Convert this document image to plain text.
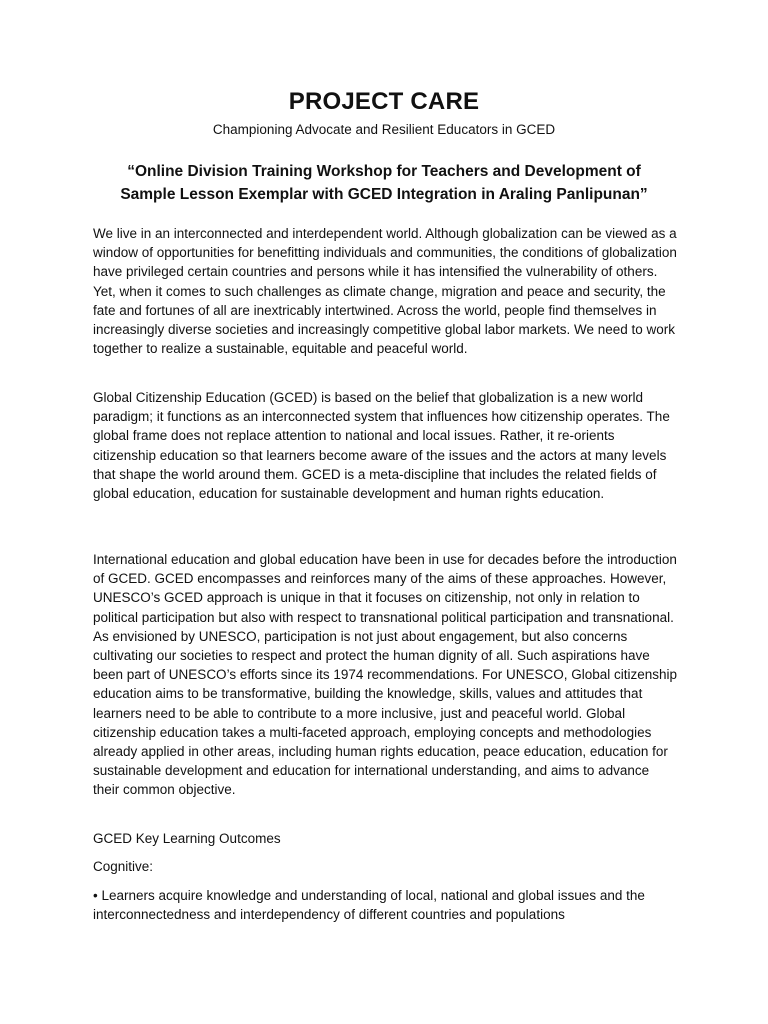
PROJECT CARE
Championing Advocate and Resilient Educators in GCED
“Online Division Training Workshop for Teachers and Development of
Sample Lesson Exemplar with GCED Integration in Araling Panlipunan”

We live in an interconnected and interdependent world. Although globalization can be viewed as a window of opportunities for benefitting individuals and communities, the conditions of globalization have privileged certain countries and persons while it has intensified the vulnerability of others. Yet, when it comes to such challenges as climate change, migration and peace and security, the fate and fortunes of all are inextricably intertwined. Across the world, people find themselves in increasingly diverse societies and increasingly competitive global labor markets. We need to work together to realize a sustainable, equitable and peaceful world.

Global Citizenship Education (GCED) is based on the belief that globalization is a new world paradigm; it functions as an interconnected system that influences how citizenship operates. The global frame does not replace attention to national and local issues. Rather, it re-orients citizenship education so that learners become aware of the issues and the actors at many levels that shape the world around them. GCED is a meta-discipline that includes the related fields of global education, education for sustainable development and human rights education.

International education and global education have been in use for decades before the introduction of GCED. GCED encompasses and reinforces many of the aims of these approaches. However, UNESCO’s GCED approach is unique in that it focuses on citizenship, not only in relation to political participation but also with respect to transnational political participation and transnational. As envisioned by UNESCO, participation is not just about engagement, but also concerns cultivating our societies to respect and protect the human dignity of all. Such aspirations have been part of UNESCO’s efforts since its 1974 recommendations. For UNESCO, Global citizenship education aims to be transformative, building the knowledge, skills, values and attitudes that learners need to be able to contribute to a more inclusive, just and peaceful world. Global citizenship education takes a multi-faceted approach, employing concepts and methodologies already applied in other areas, including human rights education, peace education, education for sustainable development and education for international understanding, and aims to advance their common objective.

GCED Key Learning Outcomes

Cognitive:

• Learners acquire knowledge and understanding of local, national and global issues and the interconnectedness and interdependency of different countries and populations
